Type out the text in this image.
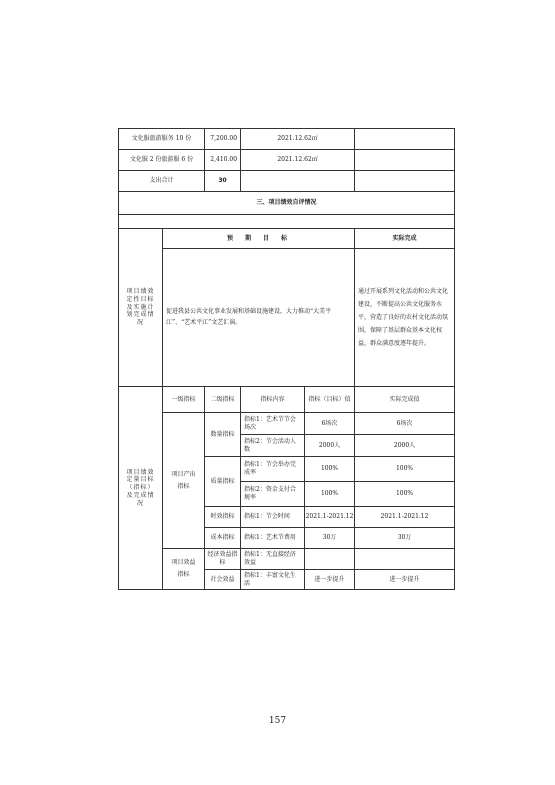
文化服旅游服务 10 份		7,200.00	2021.12.62㎡		
文化服 2 份旅游服 6 份		2,410.00	2021.12.62㎡		
支出合计		30			
三、项目绩效自评情况					

项目绩效定性目标及实施计划完成情况	预　期　目　标				实际完成
	促进我县公共文化事业发展和基础设施建设，大力推动“大美平江”、“艺术平江”文艺汇演。				通过开展系列文化活动和公共文化建设，不断提高公共文化服务水平，营造了良好的农村文化活动氛围，保障了基层群众基本文化权益，群众满意度逐年提升。
项目绩效定量目标（指标）及完成情况	一级指标	二级指标	指标内容	指标（目标）值	实际完成值
	项目产出指标	数量指标	指标1：艺术节节会场次	6场次	6场次
			指标2：节会活动人数	2000人	2000人
		质量指标	指标1：节会举办完成率	100%	100%
			指标2：资金支付合规率	100%	100%
		时效指标	指标1：节会时间	2021.1-2021.12	2021.1-2021.12
		成本指标	指标1：艺术节费用	30万	30万
	项目效益指标	经济效益指标	指标1：无直接经济效益		
		社会效益	指标1：丰富文化生活	进一步提升	进一步提升
157
